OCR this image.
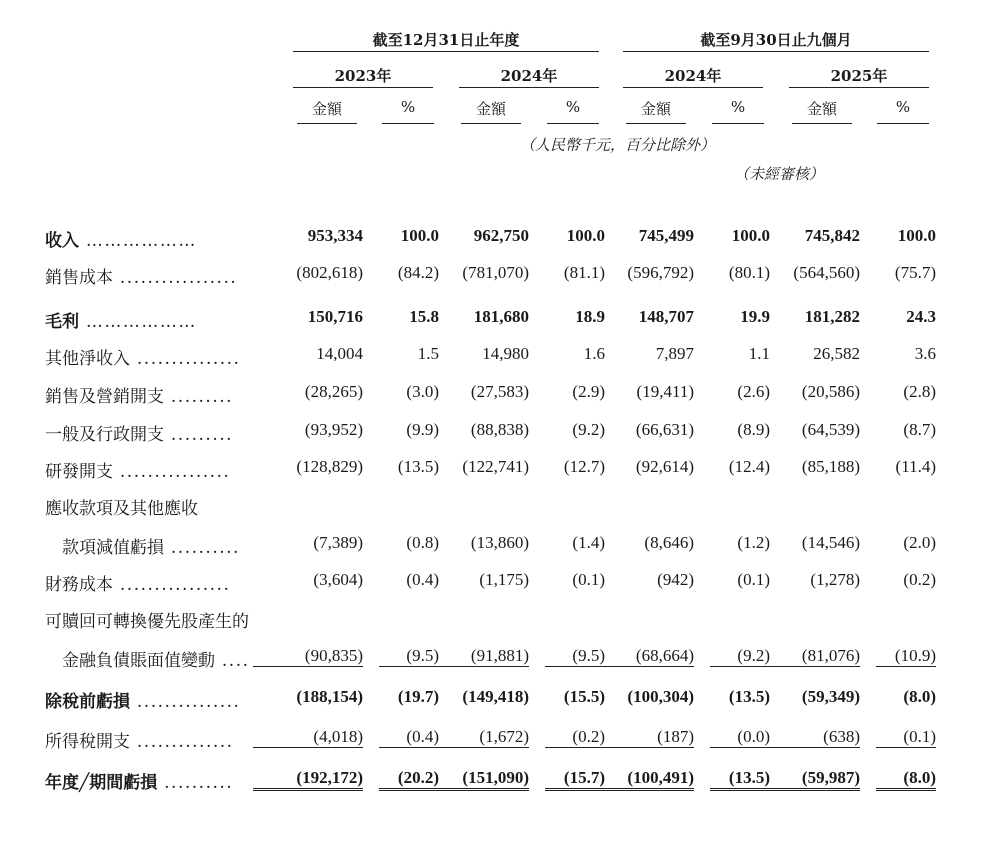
截至12月31日止年度	截至9月30日止九個月
2023年	2024年	2024年	2025年
金額	%	金額	%	金額	%	金額	%
（人民幣千元，百分比除外）
（未經審核）
收入 ………………	953,334	100.0	962,750	100.0	745,499	100.0	745,842	100.0
銷售成本 .................	(802,618)	(84.2)	(781,070)	(81.1)	(596,792)	(80.1)	(564,560)	(75.7)
毛利 ………………	150,716	15.8	181,680	18.9	148,707	19.9	181,282	24.3
其他淨收入 ...............	14,004	1.5	14,980	1.6	7,897	1.1	26,582	3.6
銷售及營銷開支 .........	(28,265)	(3.0)	(27,583)	(2.9)	(19,411)	(2.6)	(20,586)	(2.8)
一般及行政開支 .........	(93,952)	(9.9)	(88,838)	(9.2)	(66,631)	(8.9)	(64,539)	(8.7)
研發開支 ................	(128,829)	(13.5)	(122,741)	(12.7)	(92,614)	(12.4)	(85,188)	(11.4)
應收款項及其他應收
款項減值虧損 ..........	(7,389)	(0.8)	(13,860)	(1.4)	(8,646)	(1.2)	(14,546)	(2.0)
財務成本 ................	(3,604)	(0.4)	(1,175)	(0.1)	(942)	(0.1)	(1,278)	(0.2)
可贖回可轉換優先股產生的
金融負債賬面值變動 ....	(90,835)	(9.5)	(91,881)	(9.5)	(68,664)	(9.2)	(81,076)	(10.9)
除稅前虧損 ...............	(188,154)	(19.7)	(149,418)	(15.5)	(100,304)	(13.5)	(59,349)	(8.0)
所得稅開支 ..............	(4,018)	(0.4)	(1,672)	(0.2)	(187)	(0.0)	(638)	(0.1)
年度╱期間虧損 ..........	(192,172)	(20.2)	(151,090)	(15.7)	(100,491)	(13.5)	(59,987)	(8.0)
